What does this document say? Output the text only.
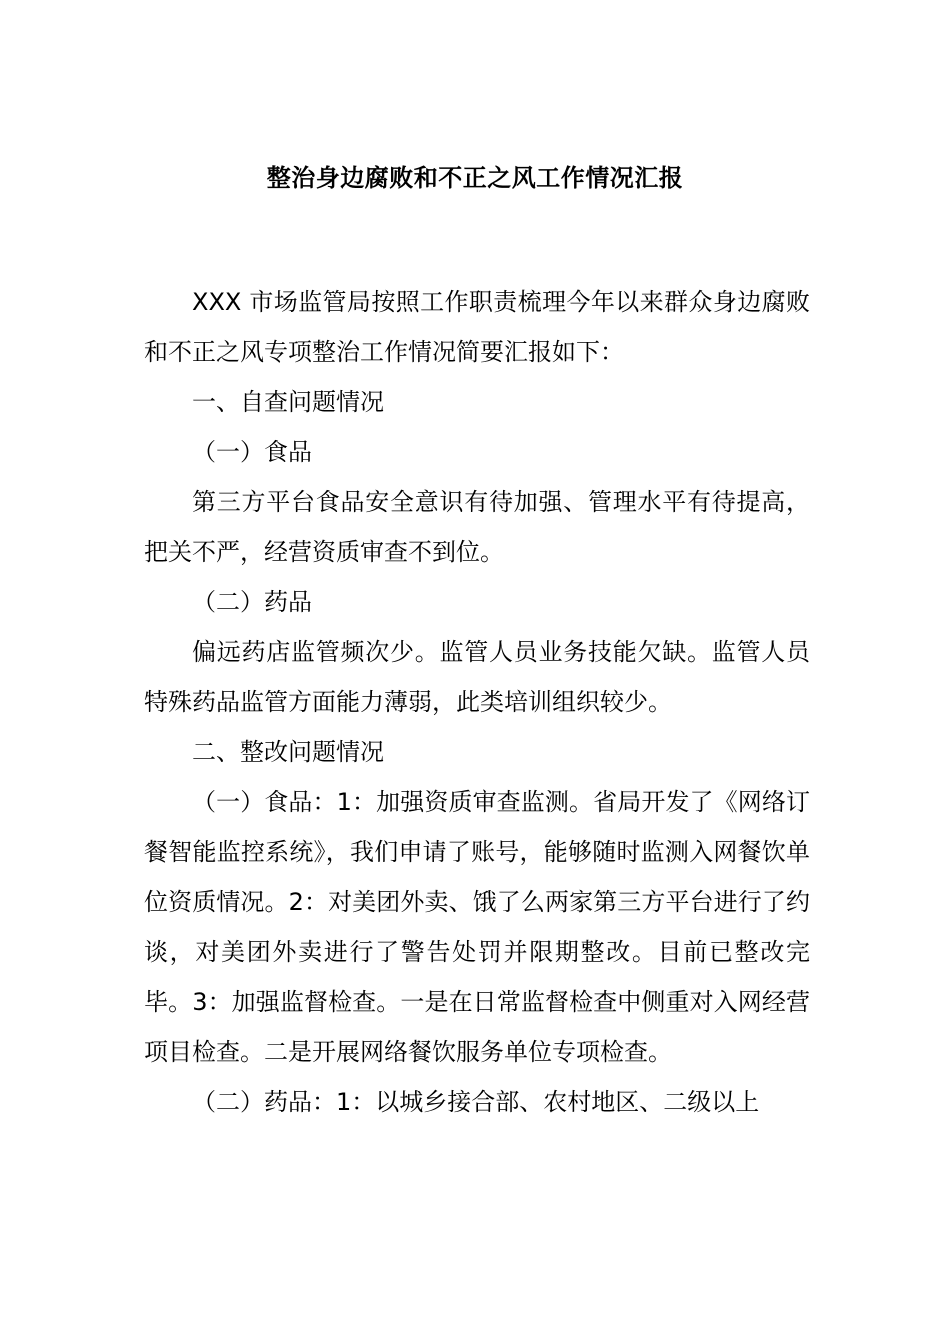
整治身边腐败和不正之风工作情况汇报

XXX 市场监管局按照工作职责梳理今年以来群众身边腐败和不正之风专项整治工作情况简要汇报如下：

一、自查问题情况

（一）食品

第三方平台食品安全意识有待加强、管理水平有待提高，把关不严，经营资质审查不到位。

（二）药品

偏远药店监管频次少。监管人员业务技能欠缺。监管人员特殊药品监管方面能力薄弱，此类培训组织较少。

二、整改问题情况

（一）食品：1：加强资质审查监测。省局开发了《网络订餐智能监控系统》，我们申请了账号，能够随时监测入网餐饮单位资质情况。2：对美团外卖、饿了么两家第三方平台进行了约谈，对美团外卖进行了警告处罚并限期整改。目前已整改完毕。3：加强监督检查。一是在日常监督检查中侧重对入网经营项目检查。二是开展网络餐饮服务单位专项检查。

（二）药品：1：以城乡接合部、农村地区、二级以上
